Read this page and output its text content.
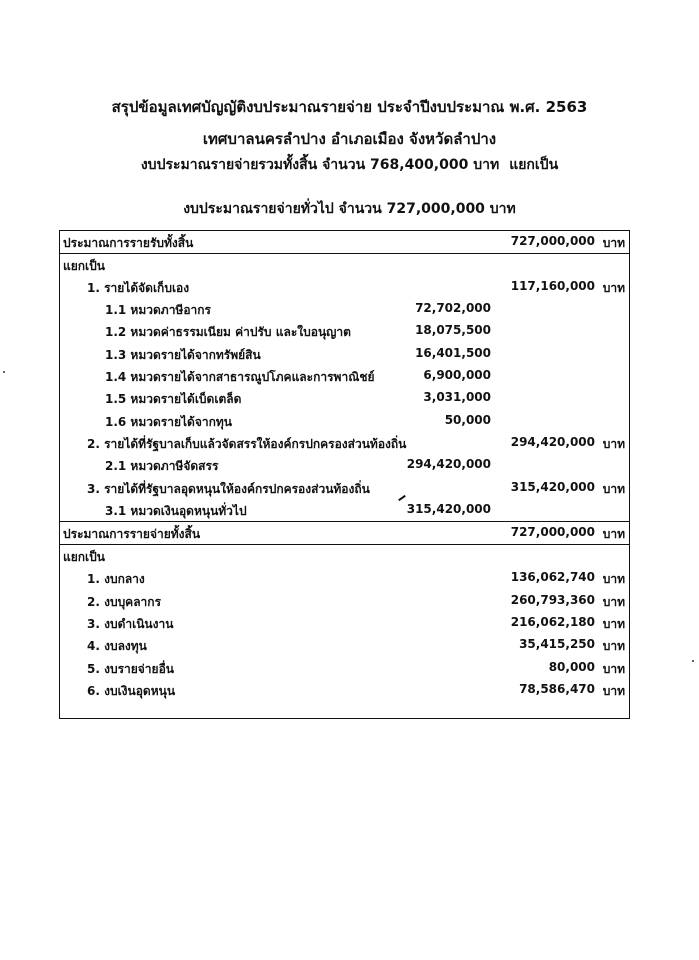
สรุปข้อมูลเทศบัญญัติงบประมาณรายจ่าย ประจำปีงบประมาณ พ.ศ. 2563
เทศบาลนครลำปาง อำเภอเมือง จังหวัดลำปาง
งบประมาณรายจ่ายรวมทั้งสิ้น จำนวน 768,400,000 บาท แยกเป็น
งบประมาณรายจ่ายทั่วไป จำนวน 727,000,000 บาท
ประมาณการรายรับทั้งสิ้น	727,000,000 บาท
แยกเป็น
1. รายได้จัดเก็บเอง	117,160,000 บาท
1.1 หมวดภาษีอากร	72,702,000
1.2 หมวดค่าธรรมเนียม ค่าปรับ และใบอนุญาต	18,075,500
1.3 หมวดรายได้จากทรัพย์สิน	16,401,500
1.4 หมวดรายได้จากสาธารณูปโภคและการพาณิชย์	6,900,000
1.5 หมวดรายได้เบ็ดเตล็ด	3,031,000
1.6 หมวดรายได้จากทุน	50,000
2. รายได้ที่รัฐบาลเก็บแล้วจัดสรรให้องค์กรปกครองส่วนท้องถิ่น	294,420,000 บาท
2.1 หมวดภาษีจัดสรร	294,420,000
3. รายได้ที่รัฐบาลอุดหนุนให้องค์กรปกครองส่วนท้องถิ่น	315,420,000 บาท
3.1 หมวดเงินอุดหนุนทั่วไป	315,420,000
ประมาณการรายจ่ายทั้งสิ้น	727,000,000 บาท
แยกเป็น
1. งบกลาง	136,062,740 บาท
2. งบบุคลากร	260,793,360 บาท
3. งบดำเนินงาน	216,062,180 บาท
4. งบลงทุน	35,415,250 บาท
5. งบรายจ่ายอื่น	80,000 บาท
6. งบเงินอุดหนุน	78,586,470 บาท
